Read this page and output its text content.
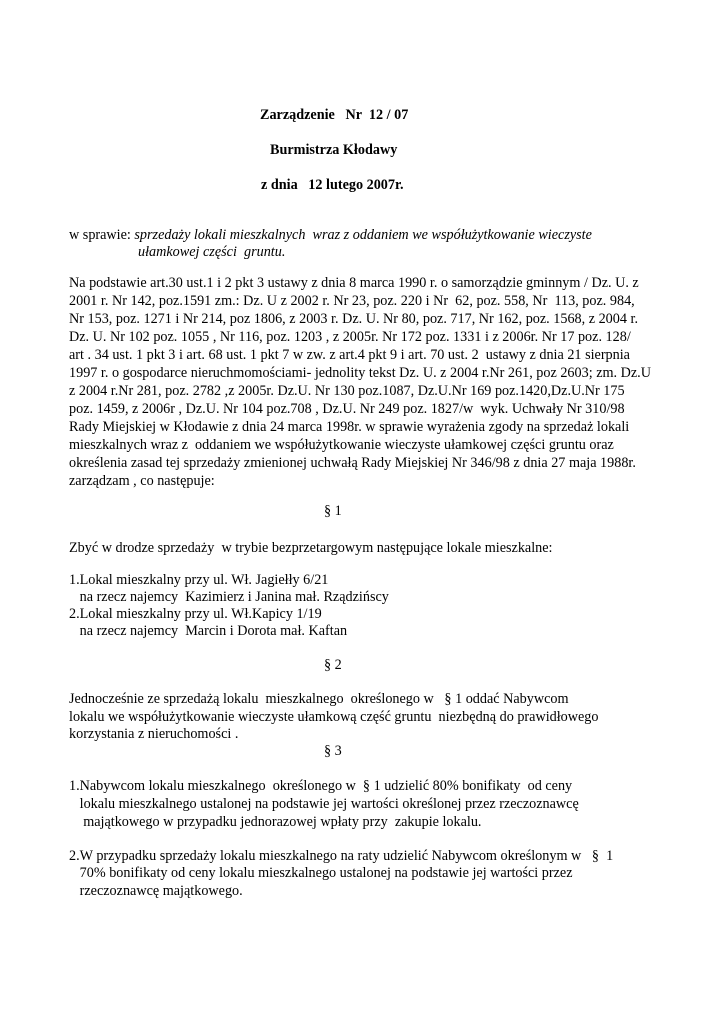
Zarządzenie   Nr  12 / 07
Burmistrza Kłodawy
z dnia   12 lutego 2007r.
w sprawie: sprzedaży lokali mieszkalnych  wraz z oddaniem we współużytkowanie wieczyste
ułamkowej części  gruntu.
Na podstawie art.30 ust.1 i 2 pkt 3 ustawy z dnia 8 marca 1990 r. o samorządzie gminnym / Dz. U. z
2001 r. Nr 142, poz.1591 zm.: Dz. U z 2002 r. Nr 23, poz. 220 i Nr  62, poz. 558, Nr  113, poz. 984,
Nr 153, poz. 1271 i Nr 214, poz 1806, z 2003 r. Dz. U. Nr 80, poz. 717, Nr 162, poz. 1568, z 2004 r.
Dz. U. Nr 102 poz. 1055 , Nr 116, poz. 1203 , z 2005r. Nr 172 poz. 1331 i z 2006r. Nr 17 poz. 128/
art . 34 ust. 1 pkt 3 i art. 68 ust. 1 pkt 7 w zw. z art.4 pkt 9 i art. 70 ust. 2  ustawy z dnia 21 sierpnia
1997 r. o gospodarce nieruchmomościami- jednolity tekst Dz. U. z 2004 r.Nr 261, poz 2603; zm. Dz.U
z 2004 r.Nr 281, poz. 2782 ,z 2005r. Dz.U. Nr 130 poz.1087, Dz.U.Nr 169 poz.1420,Dz.U.Nr 175
poz. 1459, z 2006r , Dz.U. Nr 104 poz.708 , Dz.U. Nr 249 poz. 1827/w  wyk. Uchwały Nr 310/98
Rady Miejskiej w Kłodawie z dnia 24 marca 1998r. w sprawie wyrażenia zgody na sprzedaż lokali
mieszkalnych wraz z  oddaniem we współużytkowanie wieczyste ułamkowej części gruntu oraz
określenia zasad tej sprzedaży zmienionej uchwałą Rady Miejskiej Nr 346/98 z dnia 27 maja 1988r.
zarządzam , co następuje:
§ 1
Zbyć w drodze sprzedaży  w trybie bezprzetargowym następujące lokale mieszkalne:
1.Lokal mieszkalny przy ul. Wł. Jagiełły 6/21
na rzecz najemcy  Kazimierz i Janina mał. Rządzińscy
2.Lokal mieszkalny przy ul. Wł.Kapicy 1/19
na rzecz najemcy  Marcin i Dorota mał. Kaftan
§ 2
Jednocześnie ze sprzedażą lokalu  mieszkalnego  określonego w   § 1 oddać Nabywcom
lokalu we współużytkowanie wieczyste ułamkową część gruntu  niezbędną do prawidłowego
korzystania z nieruchomości .
§ 3
1.Nabywcom lokalu mieszkalnego  określonego w  § 1 udzielić 80% bonifikaty  od ceny
lokalu mieszkalnego ustalonej na podstawie jej wartości określonej przez rzeczoznawcę
majątkowego w przypadku jednorazowej wpłaty przy  zakupie lokalu.
2.W przypadku sprzedaży lokalu mieszkalnego na raty udzielić Nabywcom określonym w   §  1
70% bonifikaty od ceny lokalu mieszkalnego ustalonej na podstawie jej wartości przez
rzeczoznawcę majątkowego.
